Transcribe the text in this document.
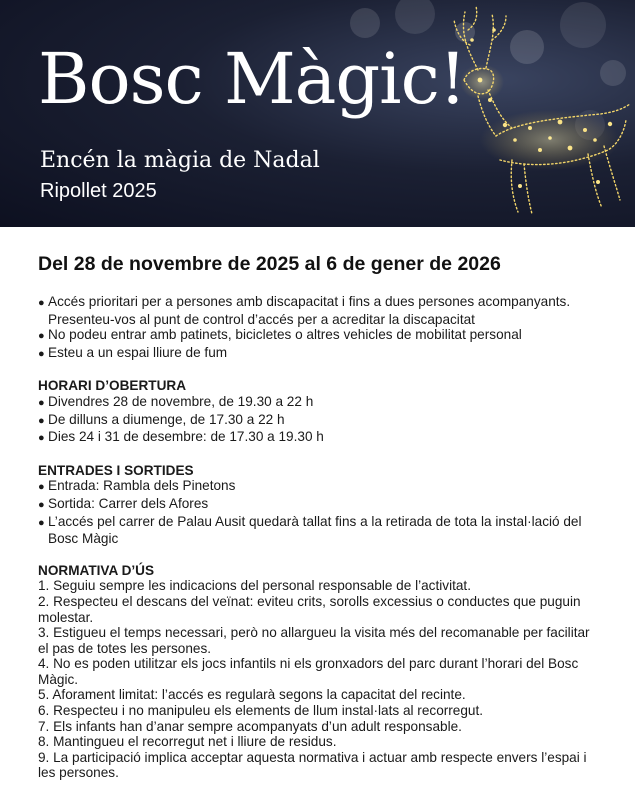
Bosc Màgic!
Encén la màgia de Nadal
Ripollet 2025
Del 28 de novembre de 2025 al 6 de gener de 2026
● Accés prioritari per a persones amb discapacitat i fins a dues persones acompanyants. Presenteu-vos al punt de control d’accés per a acreditar la discapacitat
● No podeu entrar amb patinets, bicicletes o altres vehicles de mobilitat personal
● Esteu a un espai lliure de fum
HORARI D’OBERTURA
● Divendres 28 de novembre, de 19.30 a 22 h
● De dilluns a diumenge, de 17.30 a 22 h
● Dies 24 i 31 de desembre: de 17.30 a 19.30 h
ENTRADES I SORTIDES
● Entrada: Rambla dels Pinetons
● Sortida: Carrer dels Afores
● L’accés pel carrer de Palau Ausit quedarà tallat fins a la retirada de tota la instal·lació del Bosc Màgic
NORMATIVA D’ÚS
1. Seguiu sempre les indicacions del personal responsable de l’activitat.
2. Respecteu el descans del veïnat: eviteu crits, sorolls excessius o conductes que puguin molestar.
3. Estigueu el temps necessari, però no allargueu la visita més del recomanable per facilitar el pas de totes les persones.
4. No es poden utilitzar els jocs infantils ni els gronxadors del parc durant l’horari del Bosc Màgic.
5. Aforament limitat: l’accés es regularà segons la capacitat del recinte.
6. Respecteu i no manipuleu els elements de llum instal·lats al recorregut.
7. Els infants han d’anar sempre acompanyats d’un adult responsable.
8. Mantingueu el recorregut net i lliure de residus.
9. La participació implica acceptar aquesta normativa i actuar amb respecte envers l’espai i les persones.
